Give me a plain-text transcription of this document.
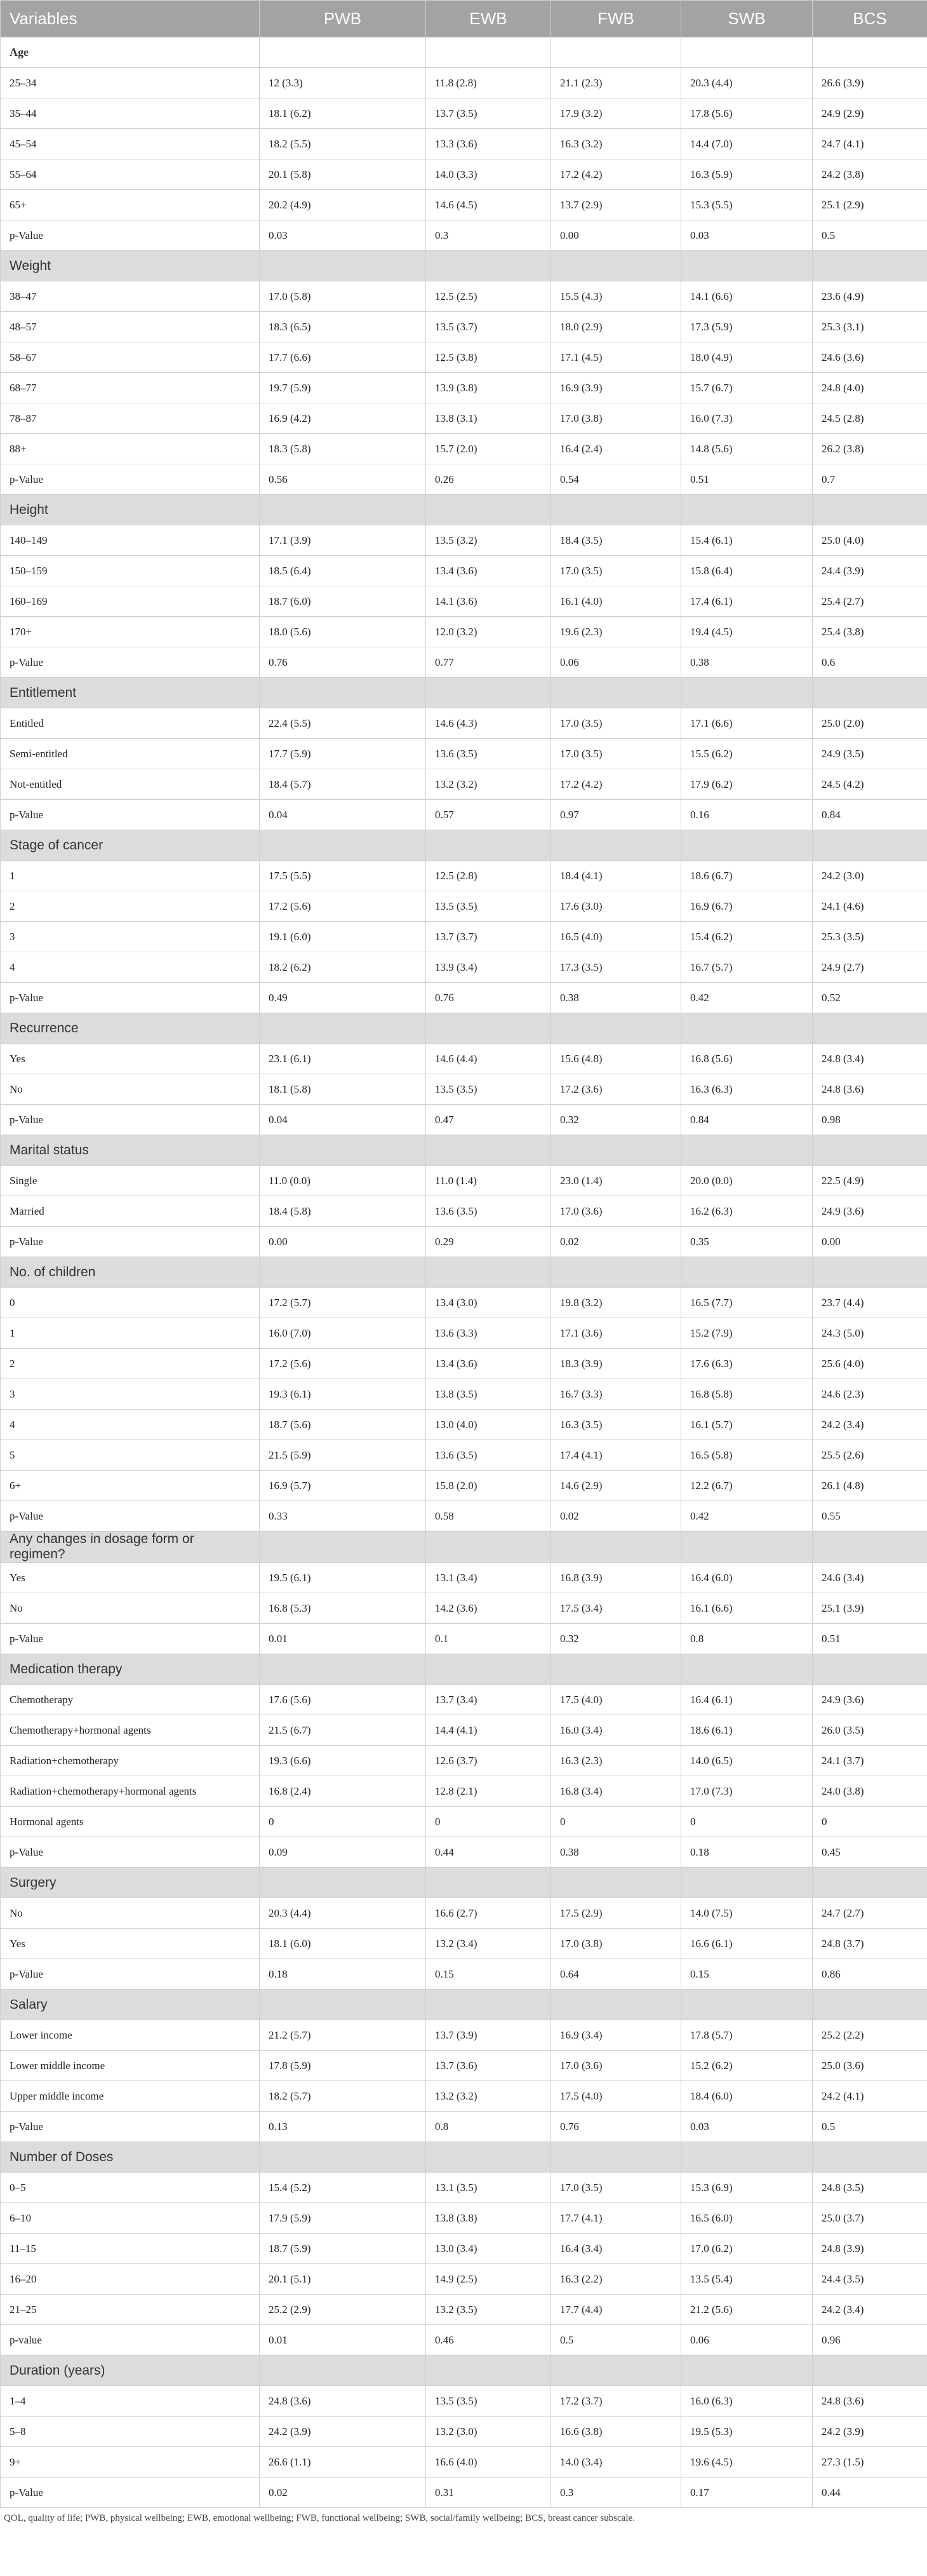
Variables	PWB	EWB	FWB	SWB	BCS
Age					
25–34	12 (3.3)	11.8 (2.8)	21.1 (2.3)	20.3 (4.4)	26.6 (3.9)
35–44	18.1 (6.2)	13.7 (3.5)	17.9 (3.2)	17.8 (5.6)	24.9 (2.9)
45–54	18.2 (5.5)	13.3 (3.6)	16.3 (3.2)	14.4 (7.0)	24.7 (4.1)
55–64	20.1 (5.8)	14.0 (3.3)	17.2 (4.2)	16.3 (5.9)	24.2 (3.8)
65+	20.2 (4.9)	14.6 (4.5)	13.7 (2.9)	15.3 (5.5)	25.1 (2.9)
p-Value	0.03	0.3	0.00	0.03	0.5
Weight					
38–47	17.0 (5.8)	12.5 (2.5)	15.5 (4.3)	14.1 (6.6)	23.6 (4.9)
48–57	18.3 (6.5)	13.5 (3.7)	18.0 (2.9)	17.3 (5.9)	25.3 (3.1)
58–67	17.7 (6.6)	12.5 (3.8)	17.1 (4.5)	18.0 (4.9)	24.6 (3.6)
68–77	19.7 (5.9)	13.9 (3.8)	16.9 (3.9)	15.7 (6.7)	24.8 (4.0)
78–87	16.9 (4.2)	13.8 (3.1)	17.0 (3.8)	16.0 (7.3)	24.5 (2.8)
88+	18.3 (5.8)	15.7 (2.0)	16.4 (2.4)	14.8 (5.6)	26.2 (3.8)
p-Value	0.56	0.26	0.54	0.51	0.7
Height					
140–149	17.1 (3.9)	13.5 (3.2)	18.4 (3.5)	15.4 (6.1)	25.0 (4.0)
150–159	18.5 (6.4)	13.4 (3.6)	17.0 (3.5)	15.8 (6.4)	24.4 (3.9)
160–169	18.7 (6.0)	14.1 (3.6)	16.1 (4.0)	17.4 (6.1)	25.4 (2.7)
170+	18.0 (5.6)	12.0 (3.2)	19.6 (2.3)	19.4 (4.5)	25.4 (3.8)
p-Value	0.76	0.77	0.06	0.38	0.6
Entitlement					
Entitled	22.4 (5.5)	14.6 (4.3)	17.0 (3.5)	17.1 (6.6)	25.0 (2.0)
Semi-entitled	17.7 (5.9)	13.6 (3.5)	17.0 (3.5)	15.5 (6.2)	24.9 (3.5)
Not-entitled	18.4 (5.7)	13.2 (3.2)	17.2 (4.2)	17.9 (6.2)	24.5 (4.2)
p-Value	0.04	0.57	0.97	0.16	0.84
Stage of cancer					
1	17.5 (5.5)	12.5 (2.8)	18.4 (4.1)	18.6 (6.7)	24.2 (3.0)
2	17.2 (5.6)	13.5 (3.5)	17.6 (3.0)	16.9 (6.7)	24.1 (4.6)
3	19.1 (6.0)	13.7 (3.7)	16.5 (4.0)	15.4 (6.2)	25.3 (3.5)
4	18.2 (6.2)	13.9 (3.4)	17.3 (3.5)	16.7 (5.7)	24.9 (2.7)
p-Value	0.49	0.76	0.38	0.42	0.52
Recurrence					
Yes	23.1 (6.1)	14.6 (4.4)	15.6 (4.8)	16.8 (5.6)	24.8 (3.4)
No	18.1 (5.8)	13.5 (3.5)	17.2 (3.6)	16.3 (6.3)	24.8 (3.6)
p-Value	0.04	0.47	0.32	0.84	0.98
Marital status					
Single	11.0 (0.0)	11.0 (1.4)	23.0 (1.4)	20.0 (0.0)	22.5 (4.9)
Married	18.4 (5.8)	13.6 (3.5)	17.0 (3.6)	16.2 (6.3)	24.9 (3.6)
p-Value	0.00	0.29	0.02	0.35	0.00
No. of children					
0	17.2 (5.7)	13.4 (3.0)	19.8 (3.2)	16.5 (7.7)	23.7 (4.4)
1	16.0 (7.0)	13.6 (3.3)	17.1 (3.6)	15.2 (7.9)	24.3 (5.0)
2	17.2 (5.6)	13.4 (3.6)	18.3 (3.9)	17.6 (6.3)	25.6 (4.0)
3	19.3 (6.1)	13.8 (3.5)	16.7 (3.3)	16.8 (5.8)	24.6 (2.3)
4	18.7 (5.6)	13.0 (4.0)	16.3 (3.5)	16.1 (5.7)	24.2 (3.4)
5	21.5 (5.9)	13.6 (3.5)	17.4 (4.1)	16.5 (5.8)	25.5 (2.6)
6+	16.9 (5.7)	15.8 (2.0)	14.6 (2.9)	12.2 (6.7)	26.1 (4.8)
p-Value	0.33	0.58	0.02	0.42	0.55
Any changes in dosage form or regimen?					
Yes	19.5 (6.1)	13.1 (3.4)	16.8 (3.9)	16.4 (6.0)	24.6 (3.4)
No	16.8 (5.3)	14.2 (3.6)	17.5 (3.4)	16.1 (6.6)	25.1 (3.9)
p-Value	0.01	0.1	0.32	0.8	0.51
Medication therapy					
Chemotherapy	17.6 (5.6)	13.7 (3.4)	17.5 (4.0)	16.4 (6.1)	24.9 (3.6)
Chemotherapy+hormonal agents	21.5 (6.7)	14.4 (4.1)	16.0 (3.4)	18.6 (6.1)	26.0 (3.5)
Radiation+chemotherapy	19.3 (6.6)	12.6 (3.7)	16.3 (2.3)	14.0 (6.5)	24.1 (3.7)
Radiation+chemotherapy+hormonal agents	16.8 (2.4)	12.8 (2.1)	16.8 (3.4)	17.0 (7.3)	24.0 (3.8)
Hormonal agents	0	0	0	0	0
p-Value	0.09	0.44	0.38	0.18	0.45
Surgery					
No	20.3 (4.4)	16.6 (2.7)	17.5 (2.9)	14.0 (7.5)	24.7 (2.7)
Yes	18.1 (6.0)	13.2 (3.4)	17.0 (3.8)	16.6 (6.1)	24.8 (3.7)
p-Value	0.18	0.15	0.64	0.15	0.86
Salary					
Lower income	21.2 (5.7)	13.7 (3.9)	16.9 (3.4)	17.8 (5.7)	25.2 (2.2)
Lower middle income	17.8 (5.9)	13.7 (3.6)	17.0 (3.6)	15.2 (6.2)	25.0 (3.6)
Upper middle income	18.2 (5.7)	13.2 (3.2)	17.5 (4.0)	18.4 (6.0)	24.2 (4.1)
p-Value	0.13	0.8	0.76	0.03	0.5
Number of Doses					
0–5	15.4 (5.2)	13.1 (3.5)	17.0 (3.5)	15.3 (6.9)	24.8 (3.5)
6–10	17.9 (5.9)	13.8 (3.8)	17.7 (4.1)	16.5 (6.0)	25.0 (3.7)
11–15	18.7 (5.9)	13.0 (3.4)	16.4 (3.4)	17.0 (6.2)	24.8 (3.9)
16–20	20.1 (5.1)	14.9 (2.5)	16.3 (2.2)	13.5 (5.4)	24.4 (3.5)
21–25	25.2 (2.9)	13.2 (3.5)	17.7 (4.4)	21.2 (5.6)	24.2 (3.4)
p-value	0.01	0.46	0.5	0.06	0.96
Duration (years)					
1–4	24.8 (3.6)	13.5 (3.5)	17.2 (3.7)	16.0 (6.3)	24.8 (3.6)
5–8	24.2 (3.9)	13.2 (3.0)	16.6 (3.8)	19.5 (5.3)	24.2 (3.9)
9+	26.6 (1.1)	16.6 (4.0)	14.0 (3.4)	19.6 (4.5)	27.3 (1.5)
p-Value	0.02	0.31	0.3	0.17	0.44
QOL, quality of life; PWB, physical wellbeing; EWB, emotional wellbeing; FWB, functional wellbeing; SWB, social/family wellbeing; BCS, breast cancer subscale.
